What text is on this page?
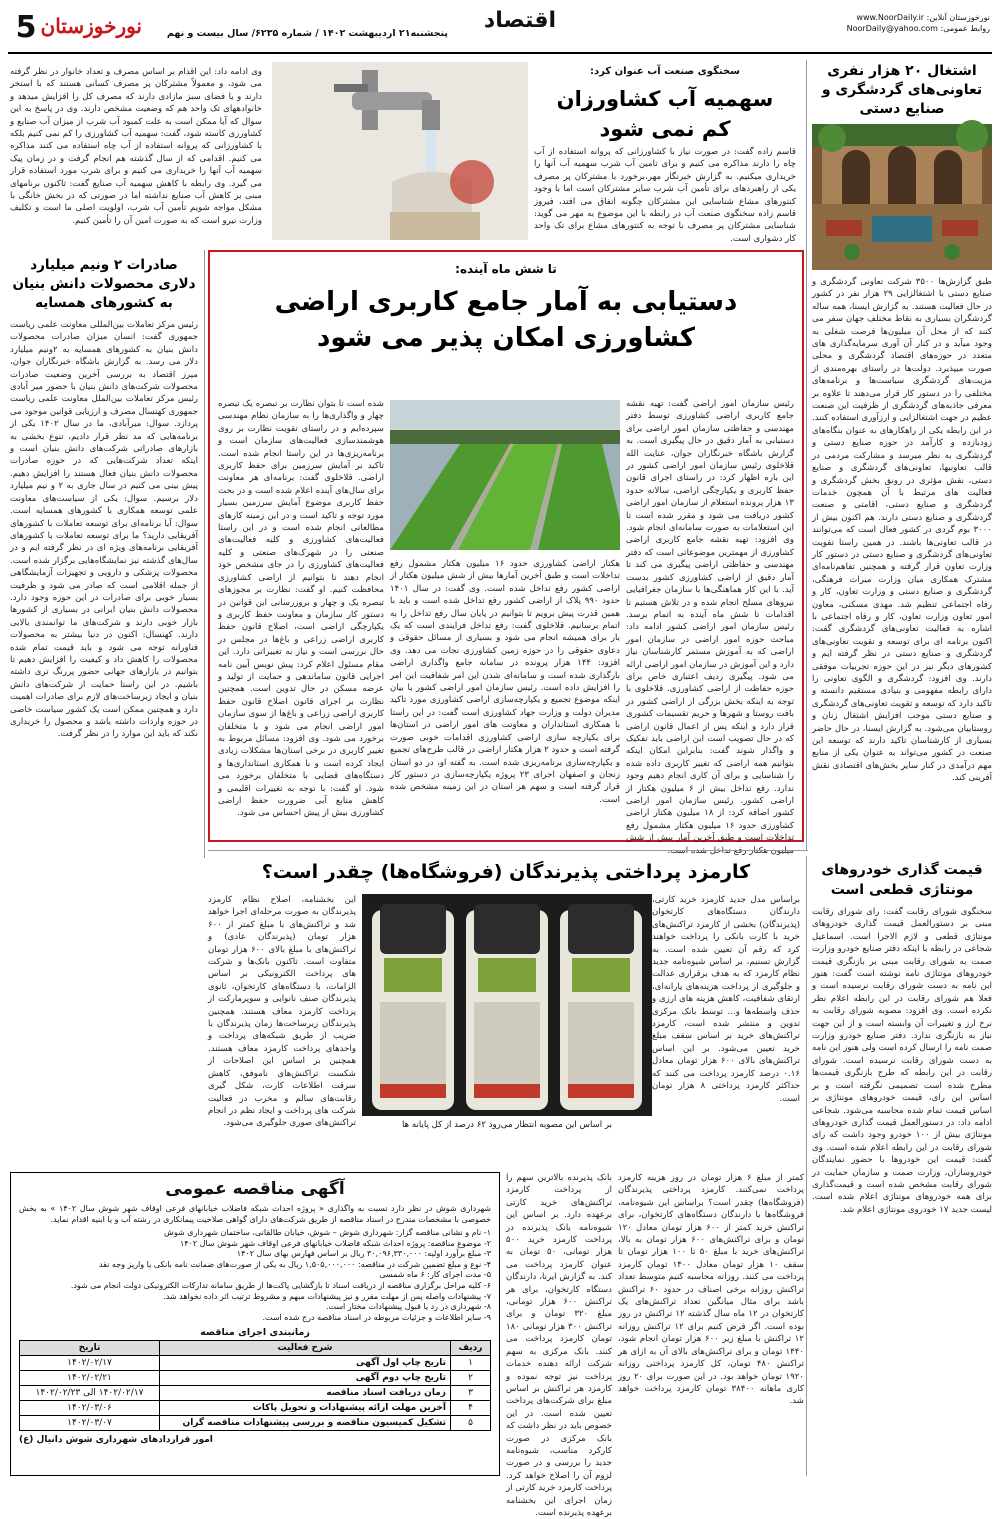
نورخوزستان آنلاین: www.NoorDaily.ir
روابط عمومی: NoorDaily@yahoo.com
اقتصاد
پنجشنبه۲۱ اردیبهشت ۱۴۰۲ / شماره ۶۲۳۵/ سال بیست و نهم
نورخوزستان
5
اشتغال ۲۰ هزار نفری تعاونی‌های گردشگری و صنایع دستی
طبق گزارش‌ها ۳۵۰۰ شرکت تعاونی گردشگری و صنایع دستی با اشتغالزایی ۲۹ هزار نفر در کشور در حال فعالیت هستند. به گزارش ایسنا، همه ساله گردشگران بسیاری به نقاط مختلف جهان سفر می کنند که از محل آن میلیون‌ها فرصت شغلی به وجود میآید و در کنار آن‌ آوری سرمایه‌گذاری های متعدد در حوزه‌های اقتصاد گردشگری و محلی صورت میپذیرد. دولت‌ها در راستای بهره‌مندی از مزیت‌های گردشگری سیاست‌ها و برنامه‌های مختلفی را در دستور کار قرار می‌دهند تا علاوه بر معرفی جاذبه‌های گردشگری از ظرفیت این صنعت عظیم در جهت اشتغالزایی و ارزآوری استفاده کنند. در این رابطه یکی از راهکارهای به عنوان بنگاه‌های زودبازده و کارآمد در حوزه صنایع دستی و گردشگری به نظر میرسد و مشارکت مردمی در قالب تعاونیها، تعاونی‌های گردشگری و صنایع دستی، نقش مؤثری در رونق بخش گردشگری و فعالیت های مرتبط با آن همچون خدمات گردشگری و صنایع دستی، اقامتی و صنعت گردشگری و صنایع دستی دارند. هم اکنون بیش از ۳۰۰۰ بوم گردی در کشور فعال است که می‌توانند در قالب تعاونی‌ها باشند. در همین راستا تقویت تعاونی‌های گردشگری و صنایع دستی در دستور کار وزارت تعاون قرار گرفته و همچنین تفاهم‌نامه‌ای مشترک همکاری میان وزارت میراث فرهنگی، گردشگری و صنایع دستی و وزارت تعاون، کار و رفاه اجتماعی تنظیم شد. مهدی مسکنی، معاون امور تعاون وزارت تعاون، کار و رفاه اجتماعی با اشاره به فعالیت تعاونی‌های گردشگری گفت: اکنون برنامه ای برای توسعه و تقویت تعاونی‌های گردشگری و صنایع دستی در نظر گرفته ایم و کشورهای دیگر نیز در این حوزه تجربیات موفقی دارند. وی افزود: گردشگری و الگوی تعاونی را دارای رابطه مفهومی و بنیادی مستقیم دانسته و تاکید دارد که توسعه و تقویت تعاونی‌های گردشگری و صنایع دستی موجب افزایش اشتغال زنان و روستاییان می‌شود. به گزارش ایسنا، در حال حاضر بسیاری از کارشناسان تاکید دارند که توسعه این صنعت در کشور می‌تواند به عنوان یکی از منابع مهم درآمدی در کنار سایر بخش‌های اقتصادی نقش آفرینی کند.
سخنگوی صنعت آب عنوان کرد:
سهمیه آب کشاورزان کم نمی شود
قاسم زاده گفت: در صورت نیاز با کشاورزانی که پروانه استفاده از آب چاه را دارند مذاکره می کنیم و برای تامین آب شرب سهمیه آب آنها را خریداری میکنیم. به گزارش خبرنگار مهر،برخورد با مشترکان پر مصرف یکی از راهبردهای برای تأمین آب شرب سایر مشترکان است اما با وجود کنتورهای مشاع شناسایی این مشترکان چگونه اتفاق می افتد، فیروز قاسم زاده سخنگوی صنعت آب در رابطه با این موضوع به مهر می گوید: شناسایی مشترکان پر مصرف با توجه به کنتورهای مشاع برای تک واحد کار دشواری است.
وی ادامه داد: این اقدام بر اساس مصرف و تعداد خانوار در نظر گرفته می شود، و معمولاً مشترکان پر مصرف کسانی هستند که با استخر دارند و یا فضای سبز مازادی دارند که مصرف کل را افزایش میدهد و خانوادههای تک واحد هم که وضعیت مشخص دارند. وی در پاسخ به این سوال که آیا ممکن است به علت کمبود آب شرب از میزان آب صنایع و کشاورزی کاسته شود، گفت: سهمیه آب کشاورزی را کم نمی کنیم بلکه با کشاورزانی که پروانه استفاده از آب چاه استفاده می کنند مذاکره می کنیم. اقدامی که از سال گذشته هم انجام گرفت و در زمان پیک سهمیه آب آنها را خریداری می کنیم و برای شرب مورد استفاده قرار می گیرد. وی رابطه با کاهش سهمیه آب صنایع گفت: تاکنون برنامهای مبنی بر کاهش آب صنایع نداشته اما در صورتی که در بخش خانگی با مشکل مواجه شویم تأمین آب شرب، اولویت اصلی ما است و تکلیف وزارت نیرو است که به صورت امین آن را تأمین کنیم.
صادرات ۲ ونیم میلیارد دلاری محصولات دانش بنیان به کشورهای همسایه
رئیس مرکز تعاملات بین‌المللی معاونت علمی ریاست جمهوری گفت: انسان میزان صادرات محصولات دانش بنیان به کشورهای همسایه به ۲ونیم میلیارد دلار می رسد. به گزارش باشگاه خبرنگاران جوان، میرز اقتصاد به بررسی آخرین وضعیت صادرات محصولات شرکت‌های دانش بنیان با حضور میر آبادی رئیس مرکز تعاملات بین‌الملل معاونت علمی ریاست جمهوری کهنسال مصرف و ارزیابی قوانین موجود می پردازد. سوال: میرآبادی، ما در سال ۱۴۰۲ یکی از برنامه‌هایی که مد نظر قرار دادیم، تنوع بخشی به بازارهای صادراتی شرکت‌های دانش بنیان است و اینکه تعداد شرکت‌هایی که در حوزه صادرات محصولات دانش بنیان فعال هستند را افزایش دهیم. پیش بینی می کنیم در سال جاری به ۲ و نیم میلیارد دلار برسیم. سوال: یکی از سیاست‌های معاونت علمی توسعه همکاری با کشورهای همسایه است. سوال: آیا برنامه‌ای برای توسعه تعاملات با کشورهای آفریقایی دارید؟ ما برای توسعه تعاملات با کشورهای آفریقایی برنامه‌های ویژه ای در نظر گرفته ایم و در سال‌های گذشته نیز نمایشگاه‌هایی برگزار شده است. محصولات پزشکی و دارویی و تجهیزات آزمایشگاهی از جمله اقلامی است که صادر می شود و ظرفیت بسیار خوبی برای صادرات در این حوزه وجود دارد. محصولات دانش بنیان ایرانی در بسیاری از کشورها بازار خوبی دارند و شرکت‌های ما توانمندی بالایی دارند. کهنسال: اکنون در دنیا بیشتر به محصولات فناورانه توجه می شود و باید قیمت تمام شده محصولات را کاهش داد و کیفیت را افزایش دهیم تا بتوانیم در بازارهای جهانی حضور پررنگ تری داشته باشیم. در این راستا حمایت از شرکت‌های دانش بنیان و ایجاد زیرساخت‌های لازم برای صادرات اهمیت دارد و همچنین ممکن است یک کشور سیاست خاصی در حوزه واردات داشته باشد و محصول را خریداری نکند که باید این موارد را در نظر گرفت.
تا شش ماه آینده:
دستیابی به آمار جامع کاربری اراضی
کشاورزی امکان پذیر می شود
رئیس سازمان امور اراضی گفت: تهیه نقشه جامع کاربری اراضی کشاورزی توسط دفتر مهندسی و حفاظتی سازمان امور اراضی برای دستیابی به آمار دقیق در حال پیگیری است. به گزارش باشگاه خبرنگاران جوان، عنایت الله قلاخلوی رئیس سازمان امور اراضی کشور در این باره اظهار کرد: در راستای اجرای قانون حفظ کاربری و یکپارچگی اراضی، سالانه حدود ۱۳ هزار پرونده استعلام از سازمان امور اراضی کشور دریافت می شود و مقرر شده است تا این استعلامات به صورت سامانه‌ای انجام شود. وی افزود: تهیه نقشه جامع کاربری اراضی کشاورزی از مهمترین موضوعاتی است که دفتر مهندسی و حفاظتی اراضی پیگیری می کند تا آمار دقیق از اراضی کشاورزی کشور بدست آید. با این کار هماهنگی‌ها با سازمان جغرافیایی نیروهای مسلح انجام شده و در تلاش هستیم تا اقدامات تا شش ماه آینده به اتمام برسد. رئیس سازمان امور اراضی کشور ادامه داد: مباحث حوزه امور اراضی در سازمان امور اراضی که به آموزش مستمر کارشناسان نیاز دارد و این آموزش در سازمان امور اراضی ارائه می شود. پیگیری ردیف اعتباری خاص برای حوزه حفاظت از اراضی کشاورزی. قلاخلوی با توجه به اینکه بخش بزرگی از اراضی کشور در بافت روستا و شهرها و حریم تقسیمات کشوری قرار دارد و اینکه پس از اعمال قانون اراضی که در حال تصویب است این اراضی باید تفکیک و واگذار شوند گفت: بنابراین امکان اینکه بتوانیم همه اراضی که تغییر کاربری داده شده را شناسایی و برای آن کاری انجام دهیم وجود ندارد. رفع تداخل بیش از ۶ میلیون هکتار از اراضی کشور. رئیس سازمان امور اراضی کشور اضافه کرد: از ۱۸ میلیون هکتار اراضی کشاورزی حدود ۱۶ میلیون هکتار مشمول رفع تداخلات است و طبق آخرین آمار بیش از شش
هکتار اراضی کشاورزی حدود ۱۶ میلیون هکتار مشمول رفع تداخلات است و طبق آخرین آمارها بیش از شش میلیون هکتار از اراضی کشور رفع تداخل شده است. وی گفت: در سال ۱۴۰۱ حدود ۹۹۰ پلاک از اراضی کشور رفع تداخل شده است و باید با همین قدرت پیش برویم تا بتوانیم در پایان سال رفع تداخل را به اتمام برسانیم. قلاخلوی گفت: رفع تداخل فرایندی است که یک بار برای همیشه انجام می شود و بسیاری از مسائل حقوقی و دعاوی حقوقی را در حوزه زمین کشاورزی نجات می دهد. وی افزود: ۱۴۴ هزار پرونده در سامانه جامع واگذاری اراضی بارگذاری شده است و سامانه‌ای شدن این امر شفافیت این امر را افزایش داده است. رئیس سازمان امور اراضی کشور با بیان اینکه موضوع تجمیع و یکپارچه‌سازی اراضی کشاورزی مورد تاکید مدیران دولت و وزارت جهاد کشاورزی است گفت: در این راستا با همکاری استانداران و معاونت های امور اراضی در استان‌ها برای یکپارچه سازی اراضی کشاورزی اقدامات خوبی صورت گرفته است و حدود ۲ هزار هکتار اراضی در قالب طرح‌های تجمیع و یکپارچه‌سازی برنامه‌ریزی شده است. به گفته او، در دو استان زنجان و اصفهان اجرای ۲۳ پروژه یکپارچه‌سازی در دستور کار قرار گرفته است و سهم هر استان در این زمینه مشخص شده است.
شده است تا بتوان نظارت بر تبصره یک تبصره چهار و واگذاری‌ها را به سازمان نظام مهندسی سپرده‌ایم و در راستای تقویت نظارت بر روی هوشمندسازی فعالیت‌های سازمان است و برنامه‌ریزی‌ها در این راستا انجام شده است. تاکید بر آمایش سرزمین برای حفظ کاربری اراضی. قلاخلوی گفت: برنامه‌ای هر معاونت برای سال‌های آینده اعلام شده است و در بحث حفظ کاربری موضوع آمایش سرزمین بسیار مورد توجه و تاکید است و در این زمینه کارهای مطالعاتی انجام شده است و در این راستا فعالیت‌های کشاورزی و کلیه فعالیت‌های صنعتی را در شهرک‌های صنعتی و کلیه فعالیت‌های کشاورزی را در جای مشخص خود انجام دهند تا بتوانیم از اراضی کشاورزی محافظت کنیم. او گفت: نظارت بر مجوزهای تبصره یک و چهار و بروزرسانی این قوانین در دستور کار سازمان و معاونت حفظ کاربری و یکپارچگی اراضی است، اصلاح قانون حفظ کاربری اراضی زراعی و باغ‌ها در مجلس در حال بررسی است و نیاز به تغییراتی دارد. این مقام مسئول اعلام کرد: پیش نویس آیین نامه اجرایی قانون ساماندهی و حمایت از تولید و عرضه مسکن در حال تدوین است. همچنین نظارت بر اجرای قانون اصلاح قانون حفظ کاربری اراضی زراعی و باغ‌ها از سوی سازمان امور اراضی انجام می شود و با متخلفان برخورد می شود. وی افزود: مسائل مربوط به تغییر کاربری در برخی استان‌ها مشکلات زیادی ایجاد کرده است و با همکاری استانداری‌ها و دستگاه‌های قضایی با متخلفان برخورد می شود. او گفت: با توجه به تغییرات اقلیمی و کاهش منابع آبی ضرورت حفظ اراضی کشاورزی بیش از پیش احساس می شود.
کارمزد پرداختی پذیرندگان (فروشگاه‌ها) چقدر است؟
براساس مدل جدید کارمزد خرید کارتی، دارندگان دستگاه‌های کارتخوان (پذیرندگان) بخشی از کارمزد تراکنش‌های خرید با کارت بانکی را پرداخت خواهند کرد که رقم آن تعیین شده است. به گزارش تسنیم، بر اساس شیوه‌نامه جدید نظام کارمزد که به هدف برقراری عدالت و جلوگیری از پرداخت هزینه‌های یارانه‌ای، ارتقای شفافیت، کاهش هزینه های ارزی و حذف واسطه‌ها و... توسط بانک مرکزی تدوین و منتشر شده است، کارمزد تراکنش‌های خرید بر اساس سقف مبلغ خرید تعیین می‌شود. بر این اساس تراکنش‌های بالای ۶۰۰ هزار تومان معادل ۰.۱۶ درصد کارمزد پرداخت می کنند که حداکثر کارمزد پرداختی ۸ هزار تومان است.
بر اساس این مصوبه انتظار می‌رود ۶۲ درصد از کل پایانه ها
این بخشنامه، اصلاح نظام کارمزد پذیرندگان به صورت مرحله‌ای اجرا خواهد شد و تراکنش‌های با مبلغ کمتر از ۶۰۰ هزار تومان (پذیرندگان عادی) و تراکنش‌های با مبلغ بالای ۶۰۰ هزار تومان متفاوت است. تاکنون بانک‌ها و شرکت های پرداخت الکترونیکی بر اساس الزامات، با دستگاه‌های کارتخوان، ثانوی پذیرندگان صنف نانوایی و سوپرمارکت از پرداخت کارمزد معاف هستند. همچنین پذیرندگان زیرساخت‌ها زمان پذیرندگان با ضریب از طریق شبکه‌های پرداخت و واحدهای پرداخت کارمزد معاف هستند. همچنین بر اساس این اصلاحات از شکست تراکنش‌های ناموفق، کاهش سرقت اطلاعات کارت، شکل گیری رقابت‌های سالم و مخرب در فعالیت شرکت های پرداخت و ایجاد نظم در انجام تراکنش‌های صوری جلوگیری می‌شود.
کمتر از مبلغ ۶ هزار تومان در روز هزینه کارمزد پرداخت نمی‌کنند. کارمزد پرداختی پذیرندگان (فروشگاه‌ها) چقدر است؟ براساس این شیوه‌نامه، فروشگاه‌ها با دارندگان دستگاه‌های کارتخوان، برای تراکنش خرید کمتر از ۶۰۰ هزار تومان معادل ۱۲۰ تومان و برای تراکنش‌های ۶۰۰ هزار تومان به بالا، تراکنش‌های خرید با مبلغ ۵۰ تا ۱۰۰ هزار تومان تا سقف ۱۰ هزار تومان معادل ۱۴۰۰ تومان کارمزد پرداخت می کنند. روزانه محاسبه کنیم متوسط تعداد تراکنش روزانه برخی اصناف در حدود ۶۰ تراکنش باشد برای مثال میانگین تعداد تراکنش‌های یک کارتخوان در ۱۲ ماه سال گذشته ۱۲ تراکنش در روز بوده است. اگر فرض کنیم برای ۱۲ تراکنش روزانه ۱۲ تراکنش با مبلغ زیر ۶۰۰ هزار تومان انجام شود، ۱۴۴۰ تومان و برای تراکنش‌های بالای آن به ازای هر تراکنش ۴۸۰ تومان، کل کارمزد پرداختی روزانه ۱۹۲۰ تومان خواهد بود. در این صورت برای ۲۰ روز کاری ماهانه ۳۸۴۰۰ تومان کارمزد پرداخت خواهد شد.
بانک پذیرنده بالاترین سهم را از پرداخت کارمزد تراکنش‌های خرید کارتی برعهده دارد. بر اساس این شیوه‌نامه بانک پذیرنده در پرداخت کارمزد خرید ۵۰۰ هزار تومانی، ۵۰ تومان به عنوان کارمزد پرداخت می کند. به گزارش ایرنا، دارندگان دستگاه کارتخوان، برای هر تراکنش ۶۰۰ هزار تومانی، مبلغ ۳۲۰ تومان و برای تراکنش ۳۰۰ هزار تومانی ۱۸۰ تومان کارمزد پرداخت می کنند. بانک مرکزی به سهم شرکت ارائه دهنده خدمات پرداخت نیز توجه نموده و کارمزد هر تراکنش بر اساس مبلغ برای شرکت‌های پرداخت تعیین شده است. در این خصوص باید در نظر داشت که بانک مرکزی در صورت کارکرد مناسب، شیوه‌نامه جدید را بررسی و در صورت لزوم آن را اصلاح خواهد کرد. پرداخت کارمزد خرید کارتی از زمان اجرای این بخشنامه برعهده پذیرنده است.
قیمت گذاری خودروهای مونتاژی قطعی است
سخنگوی شورای رقابت گفت: رای شورای رقابت مبنی بر دستورالعمل قیمت گذاری خودروهای مونتاژی قطعی و لازم الاجرا است. اسماعیل شجاعی در رابطه با اینکه دفتر صنایع خودرو وزارت صمت به شورای رقابت مبنی بر بازنگری قیمت خودروهای مونتاژی نامه نوشته است گفت: هنوز این نامه به دست شورای رقابت نرسیده است و فعلا هم شورای رقابت در این رابطه اعلام نظر نکرده است. وی افزود: مصوبه شورای رقابت به نرخ ارز و تغییرات آن وابسته است و از این جهت نیاز به بازنگری ندارد. دفتر صنایع خودرو وزارت صمت نامه را ارسال کرده است ولی هنوز این نامه به دست شورای رقابت نرسیده است. شورای رقابت در این رابطه که طرح بازنگری قیمت‌ها مطرح شده است تصمیمی نگرفته است و بر اساس این رای، قیمت خودروهای مونتاژی بر اساس قیمت تمام شده محاسبه می‌شود. شجاعی ادامه داد: در دستورالعمل قیمت گذاری خودروهای مونتاژی بیش از ۱۰۰ خودرو وجود داشت که رای شورای رقابت در این رابطه اعلام شده است. وی گفت: قیمت این خودروها با حضور نمایندگان خودروسازان، وزارت صمت و سازمان حمایت در شورای رقابت مشخص شده است و قیمت‌گذاری برای همه خودروهای مونتاژی اعلام شده است. لیست جدید ۱۷ خودروی مونتاژی اعلام شد.
آگهی مناقصه عمومی
شهرداری شوش در نظر دارد نسبت به واگذاری « پروژه احداث شبکه فاضلاب خیابانهای فرعی اوقاف شهر شوش سال ۱۴۰۲ » به بخش خصوصی با مشخصات مندرج در اسناد مناقصه از طریق شرکت‌های دارای گواهی صلاحیت پیمانکاری در رشته آب و یا ابنیه اقدام نماید.
۱- نام و نشانی مناقصه گزار: شهرداری شوش – شوش، خیابان طالقانی، ساختمان شهرداری شوش
۲- موضوع مناقصه: پروژه احداث شبکه فاضلاب خیابانهای فرعی اوقاف شهر شوش سال ۱۴۰۲
۳- مبلغ برآورد اولیه: ۳۰,۰۹۶,۳۳۰,۰۰۰ ریال بر اساس فهارس بهای سال ۱۴۰۲
۴- نوع و مبلغ تضمین شرکت در مناقصه: ۱,۵۰۵,۰۰۰,۰۰۰ ریال به یکی از صورت‌های ضمانت نامه بانکی یا واریز وجه نقد
۵- مدت اجرای کار: ۶ ماه شمسی
۶- کلیه مراحل برگزاری مناقصه از دریافت اسناد تا بازگشایی پاکت‌ها از طریق سامانه تدارکات الکترونیکی دولت انجام می شود.
۷- پیشنهادات واصله پس از مهلت مقرر و نیز پیشنهادات مبهم و مشروط ترتیب اثر داده نخواهد شد.
۸- شهرداری در رد یا قبول پیشنهادات مختار است.
۹- سایر اطلاعات و جزئیات مربوطه در اسناد مناقصه درج شده است.
زمانبندی اجرای مناقصه
ردیف	شرح فعالیت	تاریخ
۱	تاریخ چاپ اول آگهی	۱۴۰۲/۰۲/۱۷
۲	تاریخ چاپ دوم آگهی	۱۴۰۲/۰۲/۲۱
۳	زمان دریافت اسناد مناقصه	۱۴۰۲/۰۲/۱۷ الی ۱۴۰۲/۰۲/۲۳
۴	آخرین مهلت ارائه پیشنهادات و تحویل پاکات	۱۴۰۲/۰۳/۰۶
۵	تشکیل کمیسیون مناقصه و بررسی پیشنهادات مناقصه گران	۱۴۰۲/۰۳/۰۷
امور قراردادهای شهرداری شوش دانیال (ع)
